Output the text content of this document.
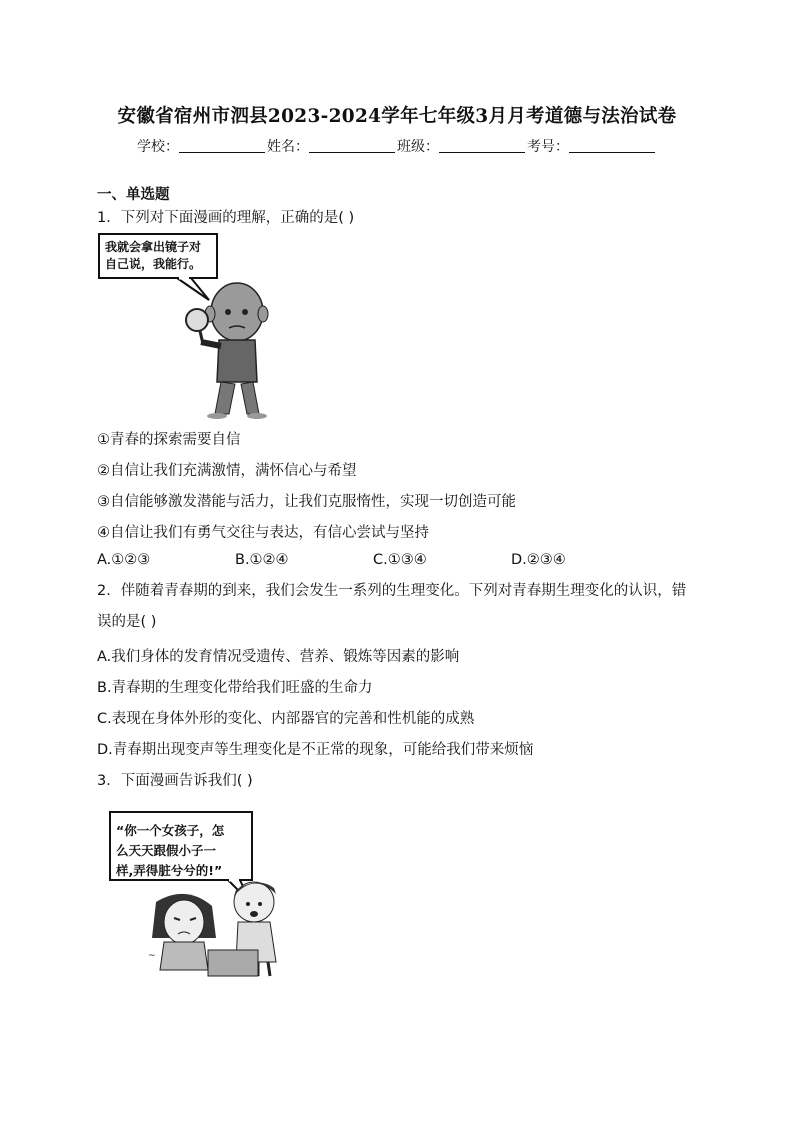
安徽省宿州市泗县2023-2024学年七年级3月月考道德与法治试卷
学校：	姓名：	班级：	考号：
一、单选题
1．下列对下面漫画的理解，正确的是( )
我就会拿出镜子对
自己说，我能行。
①青春的探索需要自信
②自信让我们充满激情，满怀信心与希望
③自信能够激发潜能与活力，让我们克服惰性，实现一切创造可能
④自信让我们有勇气交往与表达，有信心尝试与坚持
A.①②③	B.①②④	C.①③④	D.②③④
2．伴随着青春期的到来，我们会发生一系列的生理变化。下列对青春期生理变化的认识，错误的是( )
A.我们身体的发育情况受遗传、营养、锻炼等因素的影响
B.青春期的生理变化带给我们旺盛的生命力
C.表现在身体外形的变化、内部器官的完善和性机能的成熟
D.青春期出现变声等生理变化是不正常的现象，可能给我们带来烦恼
3．下面漫画告诉我们( )
~
“你一个女孩子，怎
么天天跟假小子一
样,弄得脏兮兮的!”
